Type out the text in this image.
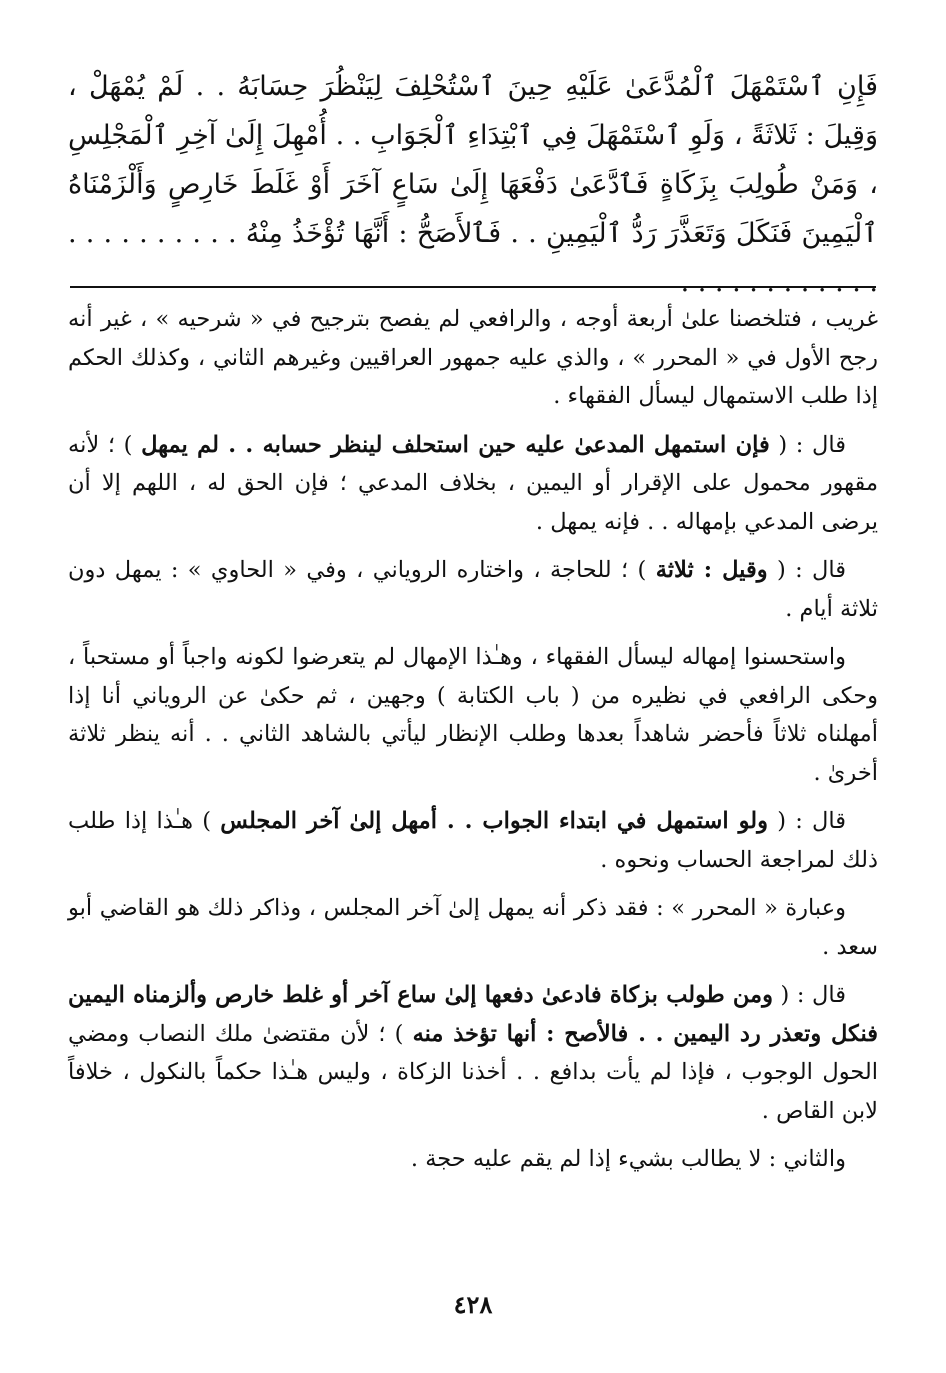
فَإِنِ ٱسْتَمْهَلَ ٱلْمُدَّعَىٰ عَلَيْهِ حِينَ ٱسْتُحْلِفَ لِيَنْظُرَ حِسَابَهُ . . لَمْ يُمْهَلْ ، وَقِيلَ : ثَلاثَةً ، وَلَوِ ٱسْتَمْهَلَ فِي ٱبْتِدَاءِ ٱلْجَوَابِ . . أُمْهِلَ إِلَىٰ آخِرِ ٱلْمَجْلِسِ ، وَمَنْ طُولِبَ بِزَكَاةٍ فَٱدَّعَىٰ دَفْعَهَا إِلَىٰ سَاعٍ آخَرَ أَوْ غَلَطَ خَارِصٍ وَأَلْزَمْنَاهُ ٱلْيَمِينَ فَنَكَلَ وَتَعَذَّرَ رَدُّ ٱلْيَمِينِ . . فَٱلأَصَحُّ : أَنَّهَا تُؤْخَذُ مِنْهُ . . . . . . . . . . . . . . . . . . . . . .

غريب ، فتلخصنا علىٰ أربعة أوجه ، والرافعي لم يفصح بترجيح في « شرحيه » ، غير أنه رجح الأول في « المحرر » ، والذي عليه جمهور العراقيين وغيرهم الثاني ، وكذلك الحكم إذا طلب الاستمهال ليسأل الفقهاء .

قال : ( فإن استمهل المدعىٰ عليه حين استحلف لينظر حسابه . . لم يمهل ) ؛ لأنه مقهور محمول على الإقرار أو اليمين ، بخلاف المدعي ؛ فإن الحق له ، اللهم إلا أن يرضى المدعي بإمهاله . . فإنه يمهل .

قال : ( وقيل : ثلاثة ) ؛ للحاجة ، واختاره الروياني ، وفي « الحاوي » : يمهل دون ثلاثة أيام .

واستحسنوا إمهاله ليسأل الفقهاء ، وهـٰذا الإمهال لم يتعرضوا لكونه واجباً أو مستحباً ، وحكى الرافعي في نظيره من ( باب الكتابة ) وجهين ، ثم حكىٰ عن الروياني أنا إذا أمهلناه ثلاثاً فأحضر شاهداً بعدها وطلب الإنظار ليأتي بالشاهد الثاني . . أنه ينظر ثلاثة أخرىٰ .

قال : ( ولو استمهل في ابتداء الجواب . . أمهل إلىٰ آخر المجلس ) هـٰذا إذا طلب ذلك لمراجعة الحساب ونحوه .

وعبارة « المحرر » : فقد ذكر أنه يمهل إلىٰ آخر المجلس ، وذاكر ذلك هو القاضي أبو سعد .

قال : ( ومن طولب بزكاة فادعىٰ دفعها إلىٰ ساع آخر أو غلط خارص وألزمناه اليمين فنكل وتعذر رد اليمين . . فالأصح : أنها تؤخذ منه ) ؛ لأن مقتضىٰ ملك النصاب ومضي الحول الوجوب ، فإذا لم يأت بدافع . . أخذنا الزكاة ، وليس هـٰذا حكماً بالنكول ، خلافاً لابن القاص .

والثاني : لا يطالب بشيء إذا لم يقم عليه حجة .

٤٢٨
